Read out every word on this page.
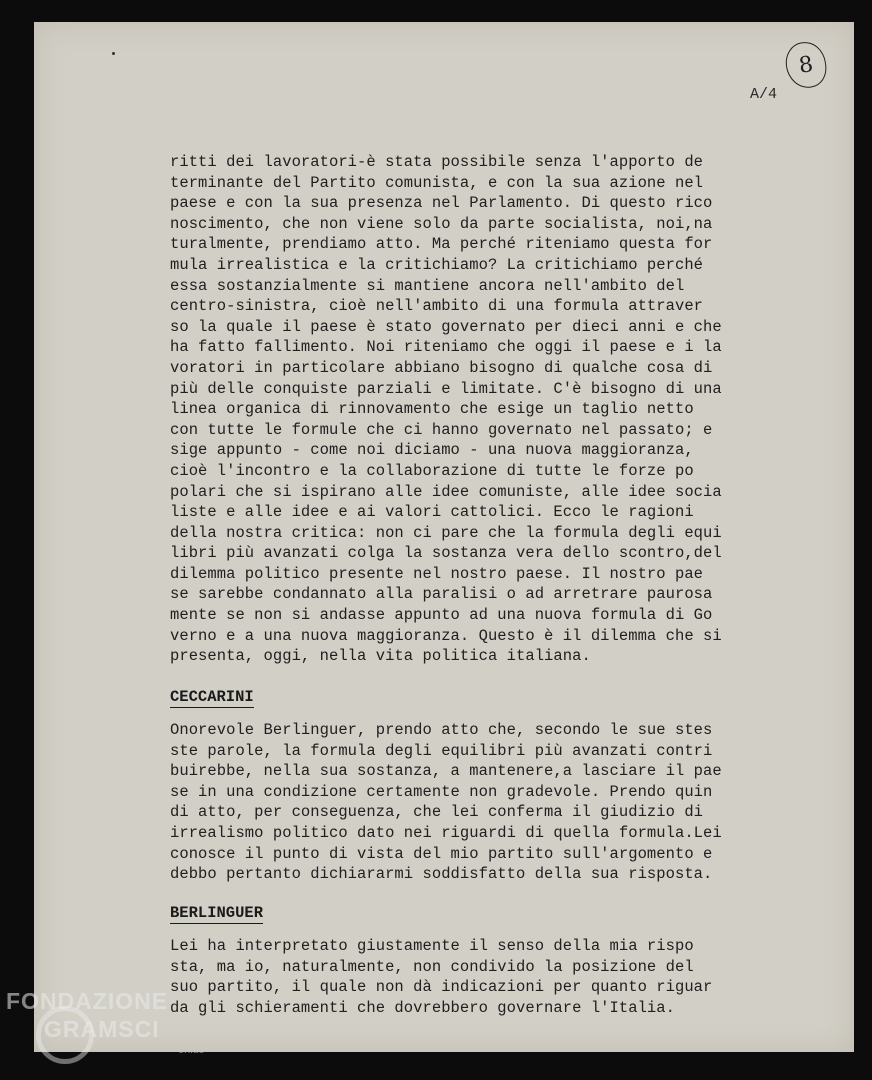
A/4
8
ritti dei lavoratori-è stata possibile senza l'apporto de
terminante del Partito comunista, e con la sua azione nel
paese e con la sua presenza nel Parlamento. Di questo rico
noscimento, che non viene solo da parte socialista, noi,na
turalmente, prendiamo atto. Ma perché riteniamo questa for
mula irrealistica e la critichiamo? La critichiamo perché
essa sostanzialmente si mantiene ancora nell'ambito del
centro-sinistra, cioè nell'ambito di una formula attraver
so la quale il paese è stato governato per dieci anni e che
ha fatto fallimento. Noi riteniamo che oggi il paese e i la
voratori in particolare abbiano bisogno di qualche cosa di
più delle conquiste parziali e limitate. C'è bisogno di una
linea organica di rinnovamento che esige un taglio netto
con tutte le formule che ci hanno governato nel passato; e
sige appunto - come noi diciamo - una nuova maggioranza,
cioè l'incontro e la collaborazione di tutte le forze po
polari che si ispirano alle idee comuniste, alle idee socia
liste e alle idee e ai valori cattolici. Ecco le ragioni
della nostra critica: non ci pare che la formula degli equi
libri più avanzati colga la sostanza vera dello scontro,del
dilemma politico presente nel nostro paese. Il nostro pae
se sarebbe condannato alla paralisi o ad arretrare paurosa
mente se non si andasse appunto ad una nuova formula di Go
verno e a una nuova maggioranza. Questo è il dilemma che si
presenta, oggi, nella vita politica italiana.
CECCARINI
Onorevole Berlinguer, prendo atto che, secondo le sue stes
ste parole, la formula degli equilibri più avanzati contri
buirebbe, nella sua sostanza, a mantenere,a lasciare il pae
se in una condizione certamente non gradevole. Prendo quin
di atto, per conseguenza, che lei conferma il giudizio di
irrealismo politico dato nei riguardi di quella formula.Lei
conosce il punto di vista del mio partito sull'argomento e
debbo pertanto dichiararmi soddisfatto della sua risposta.
BERLINGUER
Lei ha interpretato giustamente il senso della mia rispo
sta, ma io, naturalmente, non condivido la posizione del
suo partito, il quale non dà indicazioni per quanto riguar
da gli schieramenti che dovrebbero governare l'Italia.
FONDAZIONE
GRAMSCI
onlus
